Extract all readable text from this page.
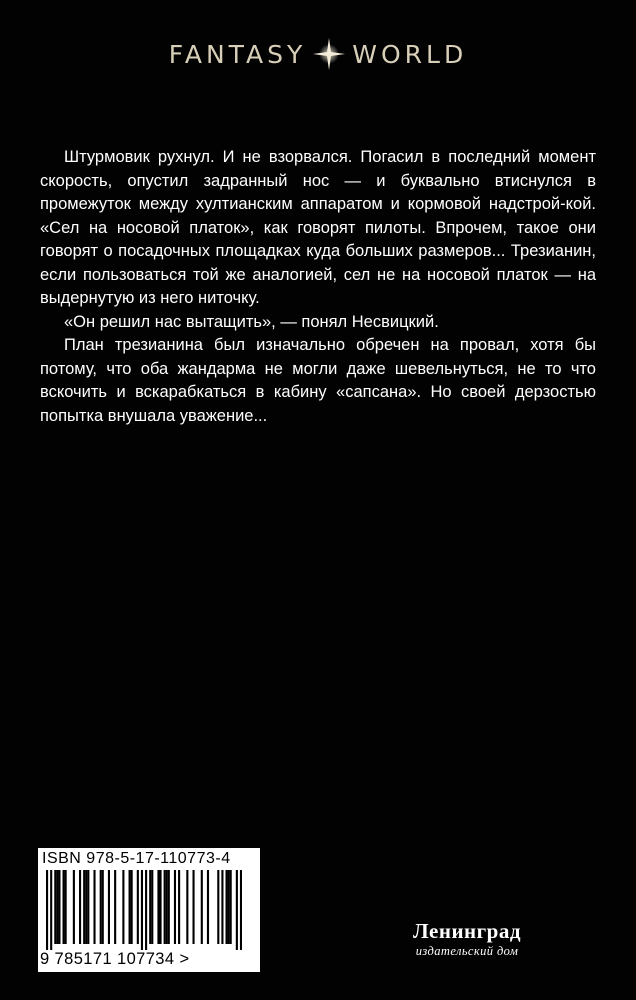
FANTASY WORLD

Штурмовик рухнул. И не взорвался. Погасил в последний момент скорость, опустил задранный нос — и буквально втиснулся в промежуток между хултианским аппаратом и кормовой надстрой-кой. «Сел на носовой платок», как говорят пилоты. Впрочем, такое они говорят о посадочных площадках куда больших размеров... Трезианин, если пользоваться той же аналогией, сел не на носовой платок — на выдернутую из него ниточку.

«Он решил нас вытащить», — понял Несвицкий.

План трезианина был изначально обречен на провал, хотя бы потому, что оба жандарма не могли даже шевельнуться, не то что вскочить и вскарабкаться в кабину «сапсана». Но своей дерзостью попытка внушала уважение...

ISBN 978-5-17-110773-4
9 785171 107734 >
Ленинград
издательский дом
